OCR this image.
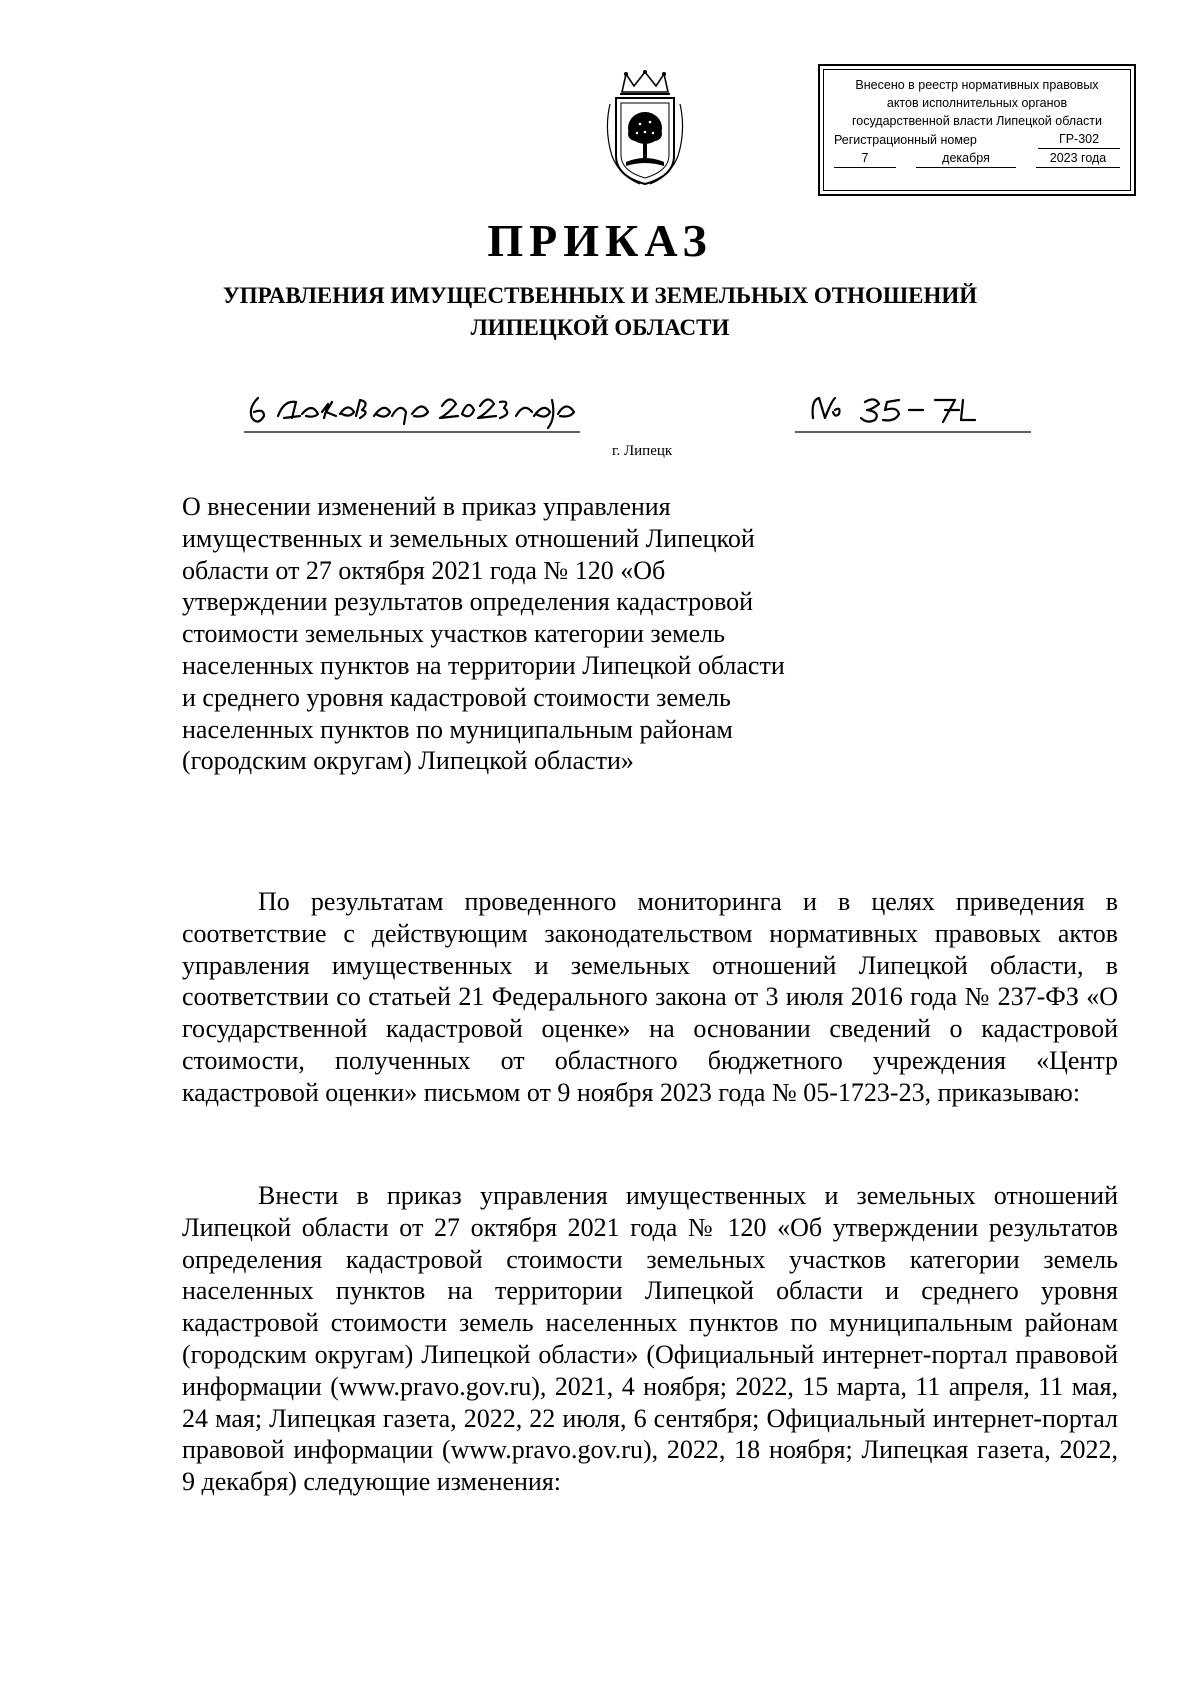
Внесено в реестр нормативных правовых
актов исполнительных органов
государственной власти Липецкой области
Регистрационный номер	ГР-302
7	декабря	2023 года
ПРИКАЗ
УПРАВЛЕНИЯ ИМУЩЕСТВЕННЫХ И ЗЕМЕЛЬНЫХ ОТНОШЕНИЙ
ЛИПЕЦКОЙ ОБЛАСТИ
г. Липецк
О внесении изменений в приказ управления имущественных и земельных отношений Липецкой области от 27 октября 2021 года № 120 «Об утверждении результатов определения кадастровой стоимости земельных участков категории земель населенных пунктов на территории Липецкой области и среднего уровня кадастровой стоимости земель населенных пунктов по муниципальным районам (городским округам) Липецкой области»

По результатам проведенного мониторинга и в целях приведения в соответствие с действующим законодательством нормативных правовых актов управления имущественных и земельных отношений Липецкой области, в соответствии со статьей 21 Федерального закона от 3 июля 2016 года № 237-ФЗ «О государственной кадастровой оценке» на основании сведений о кадастровой стоимости, полученных от областного бюджетного учреждения «Центр кадастровой оценки» письмом от 9 ноября 2023 года № 05-1723-23, приказываю:

Внести в приказ управления имущественных и земельных отношений Липецкой области от 27 октября 2021 года № 120 «Об утверждении результатов определения кадастровой стоимости земельных участков категории земель населенных пунктов на территории Липецкой области и среднего уровня кадастровой стоимости земель населенных пунктов по муниципальным районам (городским округам) Липецкой области» (Официальный интернет-портал правовой информации (www.pravo.gov.ru), 2021, 4 ноября; 2022, 15 марта, 11 апреля, 11 мая, 24 мая; Липецкая газета, 2022, 22 июля, 6 сентября; Официальный интернет-портал правовой информации (www.pravo.gov.ru), 2022, 18 ноября; Липецкая газета, 2022, 9 декабря) следующие изменения:
